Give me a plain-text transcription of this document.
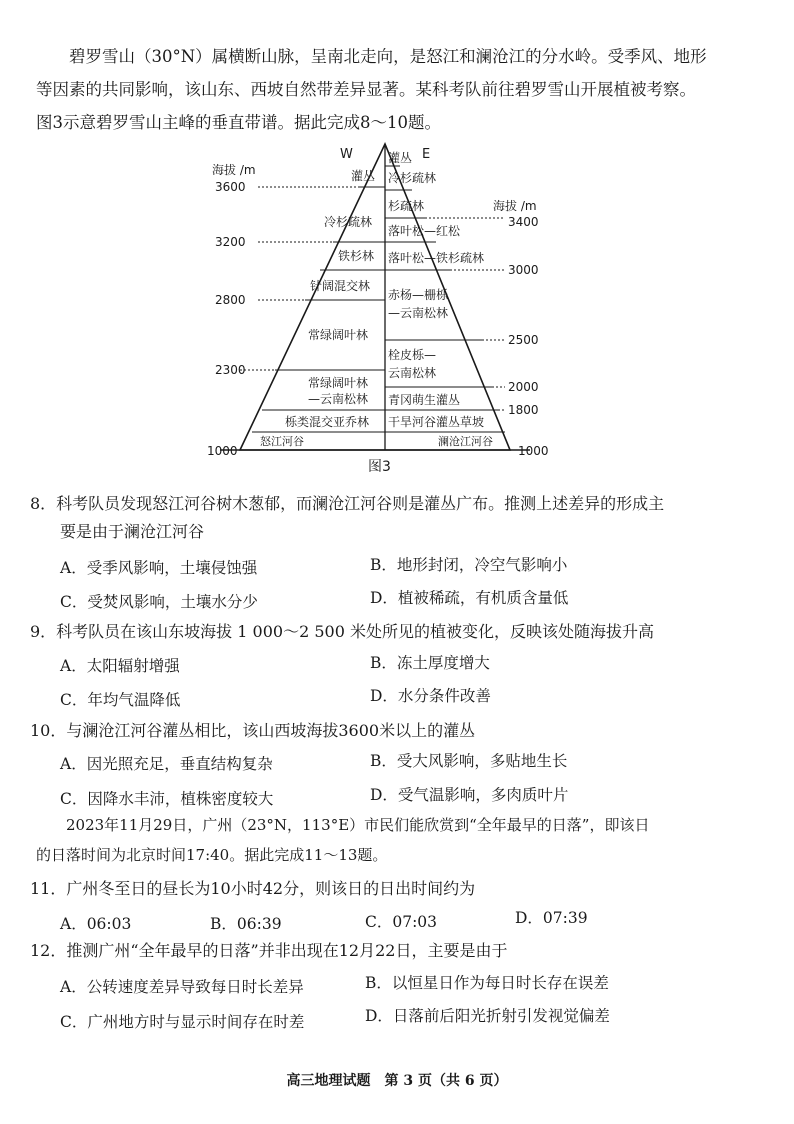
碧罗雪山（30°N）属横断山脉，呈南北走向，是怒江和澜沧江的分水岭。受季风、地形
等因素的共同影响，该山东、西坡自然带差异显著。某科考队前往碧罗雪山开展植被考察。
图3示意碧罗雪山主峰的垂直带谱。据此完成8～10题。
W	E
海拔 /m
海拔 /m
3600
3200
2800
2300
1000
3400
3000
2500
2000
1800
1000
灌丛
冷杉疏林
铁杉林
针阔混交林
常绿阔叶林
常绿阔叶林
—云南松林
栎类混交亚乔林
怒江河谷
灌丛
冷杉疏林
杉疏林
落叶松—红松
落叶松—铁杉疏林
赤杨—栅栎
—云南松林
栓皮栎—
云南松林
青冈萌生灌丛
干旱河谷灌丛草坡
澜沧江河谷
图3
8．科考队员发现怒江河谷树木葱郁，而澜沧江河谷则是灌丛广布。推测上述差异的形成主
要是由于澜沧江河谷
A．受季风影响，土壤侵蚀强	B．地形封闭，冷空气影响小
C．受焚风影响，土壤水分少	D．植被稀疏，有机质含量低
9．科考队员在该山东坡海拔 1 000～2 500 米处所见的植被变化，反映该处随海拔升高
A．太阳辐射增强	B．冻土厚度增大
C．年均气温降低	D．水分条件改善
10．与澜沧江河谷灌丛相比，该山西坡海拔3600米以上的灌丛
A．因光照充足，垂直结构复杂	B．受大风影响，多贴地生长
C．因降水丰沛，植株密度较大	D．受气温影响，多肉质叶片
2023年11月29日，广州（23°N，113°E）市民们能欣赏到“全年最早的日落”，即该日
的日落时间为北京时间17:40。据此完成11～13题。
11．广州冬至日的昼长为10小时42分，则该日的日出时间约为
A．06:03	B．06:39	C．07:03	D．07:39
12．推测广州“全年最早的日落”并非出现在12月22日，主要是由于
A．公转速度差异导致每日时长差异	B．以恒星日作为每日时长存在误差
C．广州地方时与显示时间存在时差	D．日落前后阳光折射引发视觉偏差
高三地理试题　第 3 页（共 6 页）
